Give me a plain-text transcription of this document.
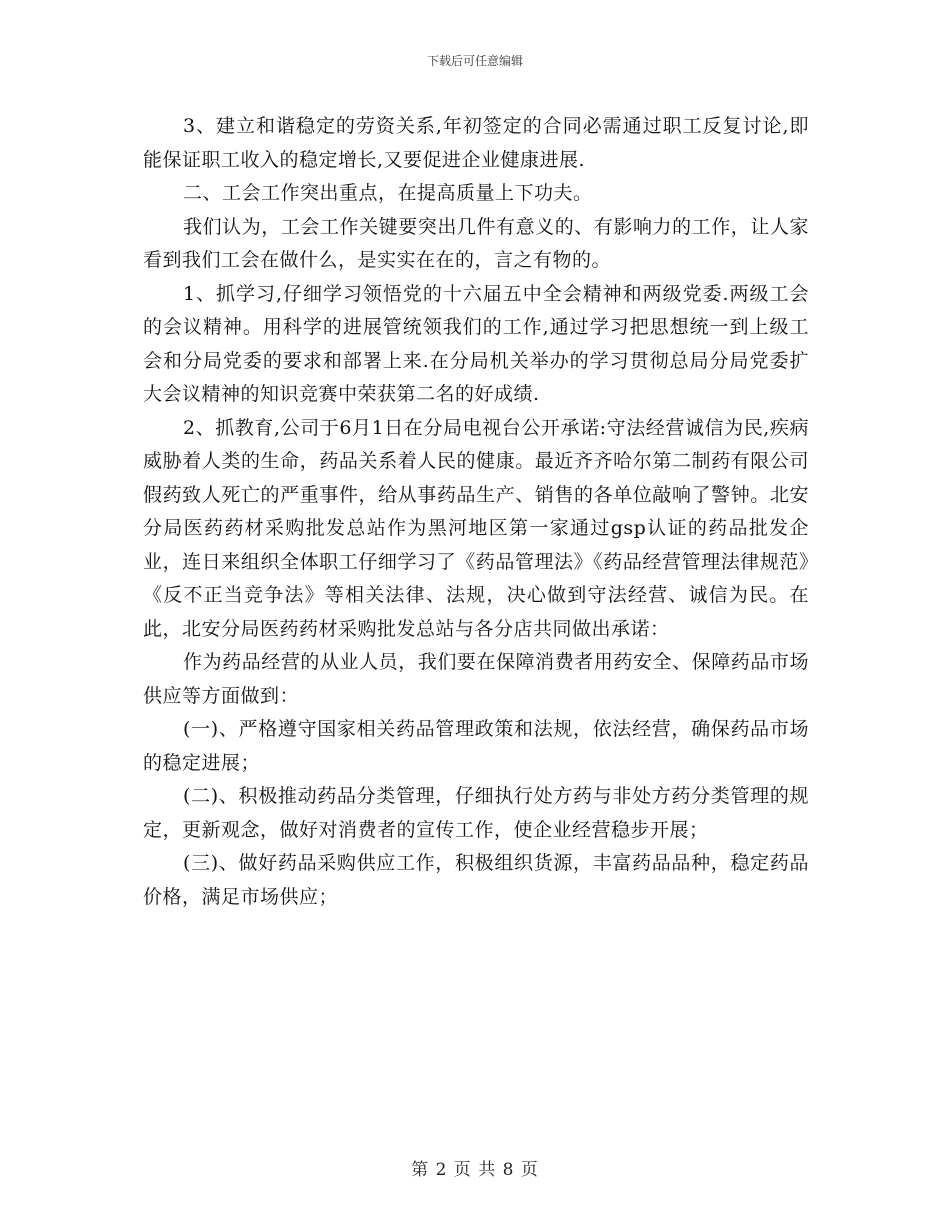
下载后可任意编辑

3、建立和谐稳定的劳资关系,年初签定的合同必需通过职工反复讨论,即能保证职工收入的稳定增长,又要促进企业健康进展.

二、工会工作突出重点，在提高质量上下功夫。

我们认为，工会工作关键要突出几件有意义的、有影响力的工作，让人家看到我们工会在做什么，是实实在在的，言之有物的。

1、抓学习,仔细学习领悟党的十六届五中全会精神和两级党委.两级工会的会议精神。用科学的进展管统领我们的工作,通过学习把思想统一到上级工会和分局党委的要求和部署上来.在分局机关举办的学习贯彻总局分局党委扩大会议精神的知识竞赛中荣获第二名的好成绩.

2、抓教育,公司于6月1日在分局电视台公开承诺:守法经营诚信为民,疾病威胁着人类的生命，药品关系着人民的健康。最近齐齐哈尔第二制药有限公司假药致人死亡的严重事件，给从事药品生产、销售的各单位敲响了警钟。北安分局医药药材采购批发总站作为黑河地区第一家通过gsp认证的药品批发企业，连日来组织全体职工仔细学习了《药品管理法》《药品经营管理法律规范》《反不正当竞争法》等相关法律、法规，决心做到守法经营、诚信为民。在此，北安分局医药药材采购批发总站与各分店共同做出承诺：

作为药品经营的从业人员，我们要在保障消费者用药安全、保障药品市场供应等方面做到：

(一)、严格遵守国家相关药品管理政策和法规，依法经营，确保药品市场的稳定进展；

(二)、积极推动药品分类管理，仔细执行处方药与非处方药分类管理的规定，更新观念，做好对消费者的宣传工作，使企业经营稳步开展；

(三)、做好药品采购供应工作，积极组织货源，丰富药品品种，稳定药品价格，满足市场供应；

第 2 页 共 8 页
